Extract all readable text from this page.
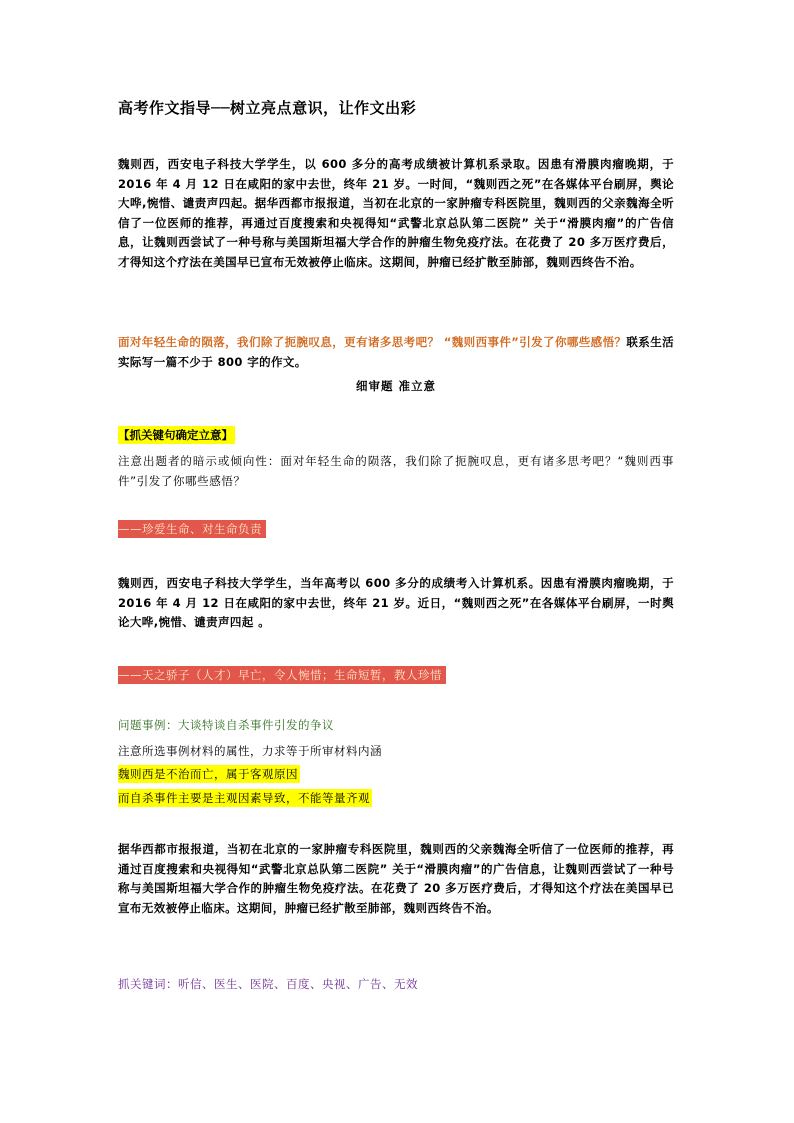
高考作文指导──树立亮点意识，让作文出彩
魏则西，西安电子科技大学学生，以 600 多分的高考成绩被计算机系录取。因患有滑膜肉瘤晚期，于 2016 年 4 月 12 日在咸阳的家中去世，终年 21 岁。一时间，“魏则西之死”在各媒体平台刷屏，舆论大哗,惋惜、谴责声四起。据华西都市报报道，当初在北京的一家肿瘤专科医院里，魏则西的父亲魏海全听信了一位医师的推荐，再通过百度搜索和央视得知“武警北京总队第二医院” 关于“滑膜肉瘤”的广告信息，让魏则西尝试了一种号称与美国斯坦福大学合作的肿瘤生物免疫疗法。在花费了 20 多万医疗费后，才得知这个疗法在美国早已宣布无效被停止临床。这期间，肿瘤已经扩散至肺部，魏则西终告不治。
面对年轻生命的陨落，我们除了扼腕叹息，更有诸多思考吧？ “魏则西事件”引发了你哪些感悟？联系生活实际写一篇不少于 800 字的作文。
细审题 准立意
【抓关键句确定立意】
注意出题者的暗示或倾向性：面对年轻生命的陨落，我们除了扼腕叹息，更有诸多思考吧？“魏则西事件”引发了你哪些感悟？
——珍爱生命、对生命负责
魏则西，西安电子科技大学学生，当年高考以 600 多分的成绩考入计算机系。因患有滑膜肉瘤晚期，于 2016 年 4 月 12 日在咸阳的家中去世，终年 21 岁。近日，“魏则西之死”在各媒体平台刷屏，一时舆论大哗,惋惜、谴责声四起 。
——天之骄子（人才）早亡，令人惋惜；生命短暂，教人珍惜
问题事例：大谈特谈自杀事件引发的争议
注意所选事例材料的属性，力求等于所审材料内涵
魏则西是不治而亡，属于客观原因
而自杀事件主要是主观因素导致，不能等量齐观
据华西都市报报道，当初在北京的一家肿瘤专科医院里，魏则西的父亲魏海全听信了一位医师的推荐，再通过百度搜索和央视得知“武警北京总队第二医院” 关于“滑膜肉瘤”的广告信息，让魏则西尝试了一种号称与美国斯坦福大学合作的肿瘤生物免疫疗法。在花费了 20 多万医疗费后，才得知这个疗法在美国早已宣布无效被停止临床。这期间，肿瘤已经扩散至肺部，魏则西终告不治。
抓关键词：听信、医生、医院、百度、央视、广告、无效
